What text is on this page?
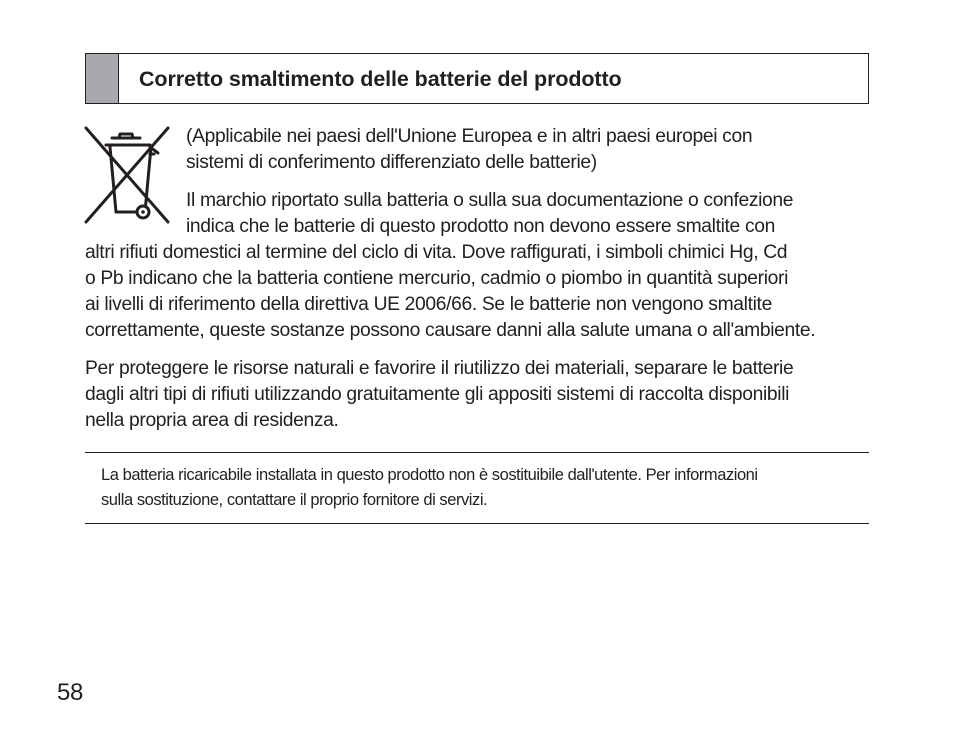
Corretto smaltimento delle batterie del prodotto
(Applicabile nei paesi dell'Unione Europea e in altri paesi europei con
sistemi di conferimento differenziato delle batterie)
Il marchio riportato sulla batteria o sulla sua documentazione o confezione
indica che le batterie di questo prodotto non devono essere smaltite con
altri rifiuti domestici al termine del ciclo di vita. Dove raffigurati, i simboli chimici Hg, Cd
o Pb indicano che la batteria contiene mercurio, cadmio o piombo in quantità superiori
ai livelli di riferimento della direttiva UE 2006/66. Se le batterie non vengono smaltite
correttamente, queste sostanze possono causare danni alla salute umana o all'ambiente.
Per proteggere le risorse naturali e favorire il riutilizzo dei materiali, separare le batterie
dagli altri tipi di rifiuti utilizzando gratuitamente gli appositi sistemi di raccolta disponibili
nella propria area di residenza.
La batteria ricaricabile installata in questo prodotto non è sostituibile dall'utente. Per informazioni
sulla sostituzione, contattare il proprio fornitore di servizi.
58
